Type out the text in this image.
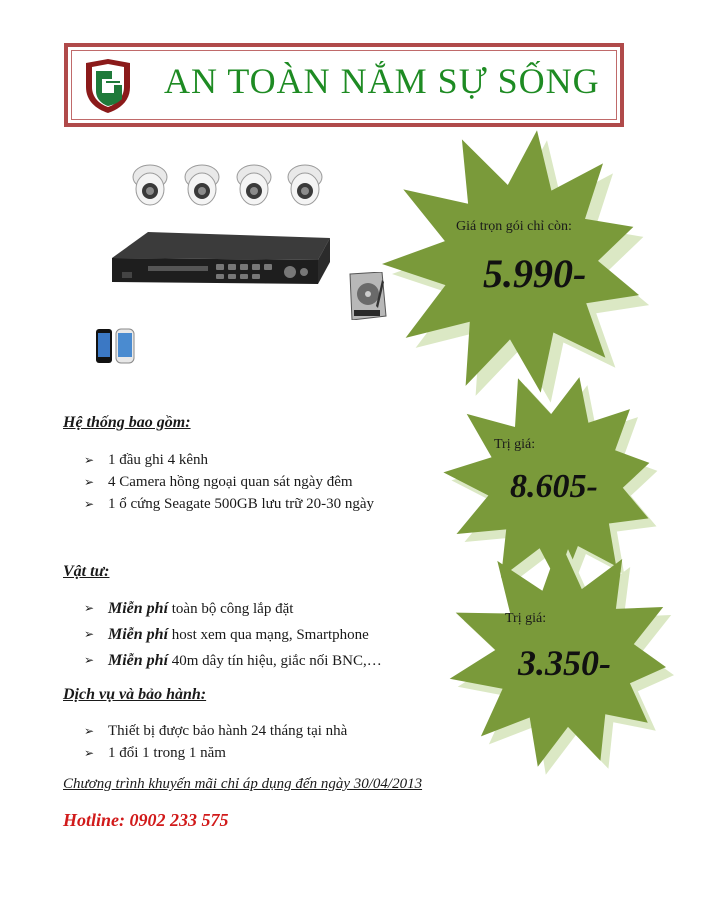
AN TOÀN NẮM SỰ SỐNG
Giá trọn gói chỉ còn:
5.990-
Trị giá:
8.605-
Trị giá:
3.350-
Hệ thống bao gồm:
➢ 1 đầu ghi 4 kênh
➢ 4 Camera hồng ngoại quan sát ngày đêm
➢ 1 ổ cứng Seagate 500GB lưu trữ 20-30 ngày
Vật tư:
➢ Miễn phí toàn bộ công lắp đặt
➢ Miễn phí host xem qua mạng, Smartphone
➢ Miễn phí 40m dây tín hiệu, giắc nối BNC,…
Dịch vụ và bảo hành:
➢ Thiết bị được bảo hành 24 tháng tại nhà
➢ 1 đổi 1 trong 1 năm
Chương trình khuyến mãi chỉ áp dụng đến ngày 30/04/2013
Hotline: 0902 233 575
